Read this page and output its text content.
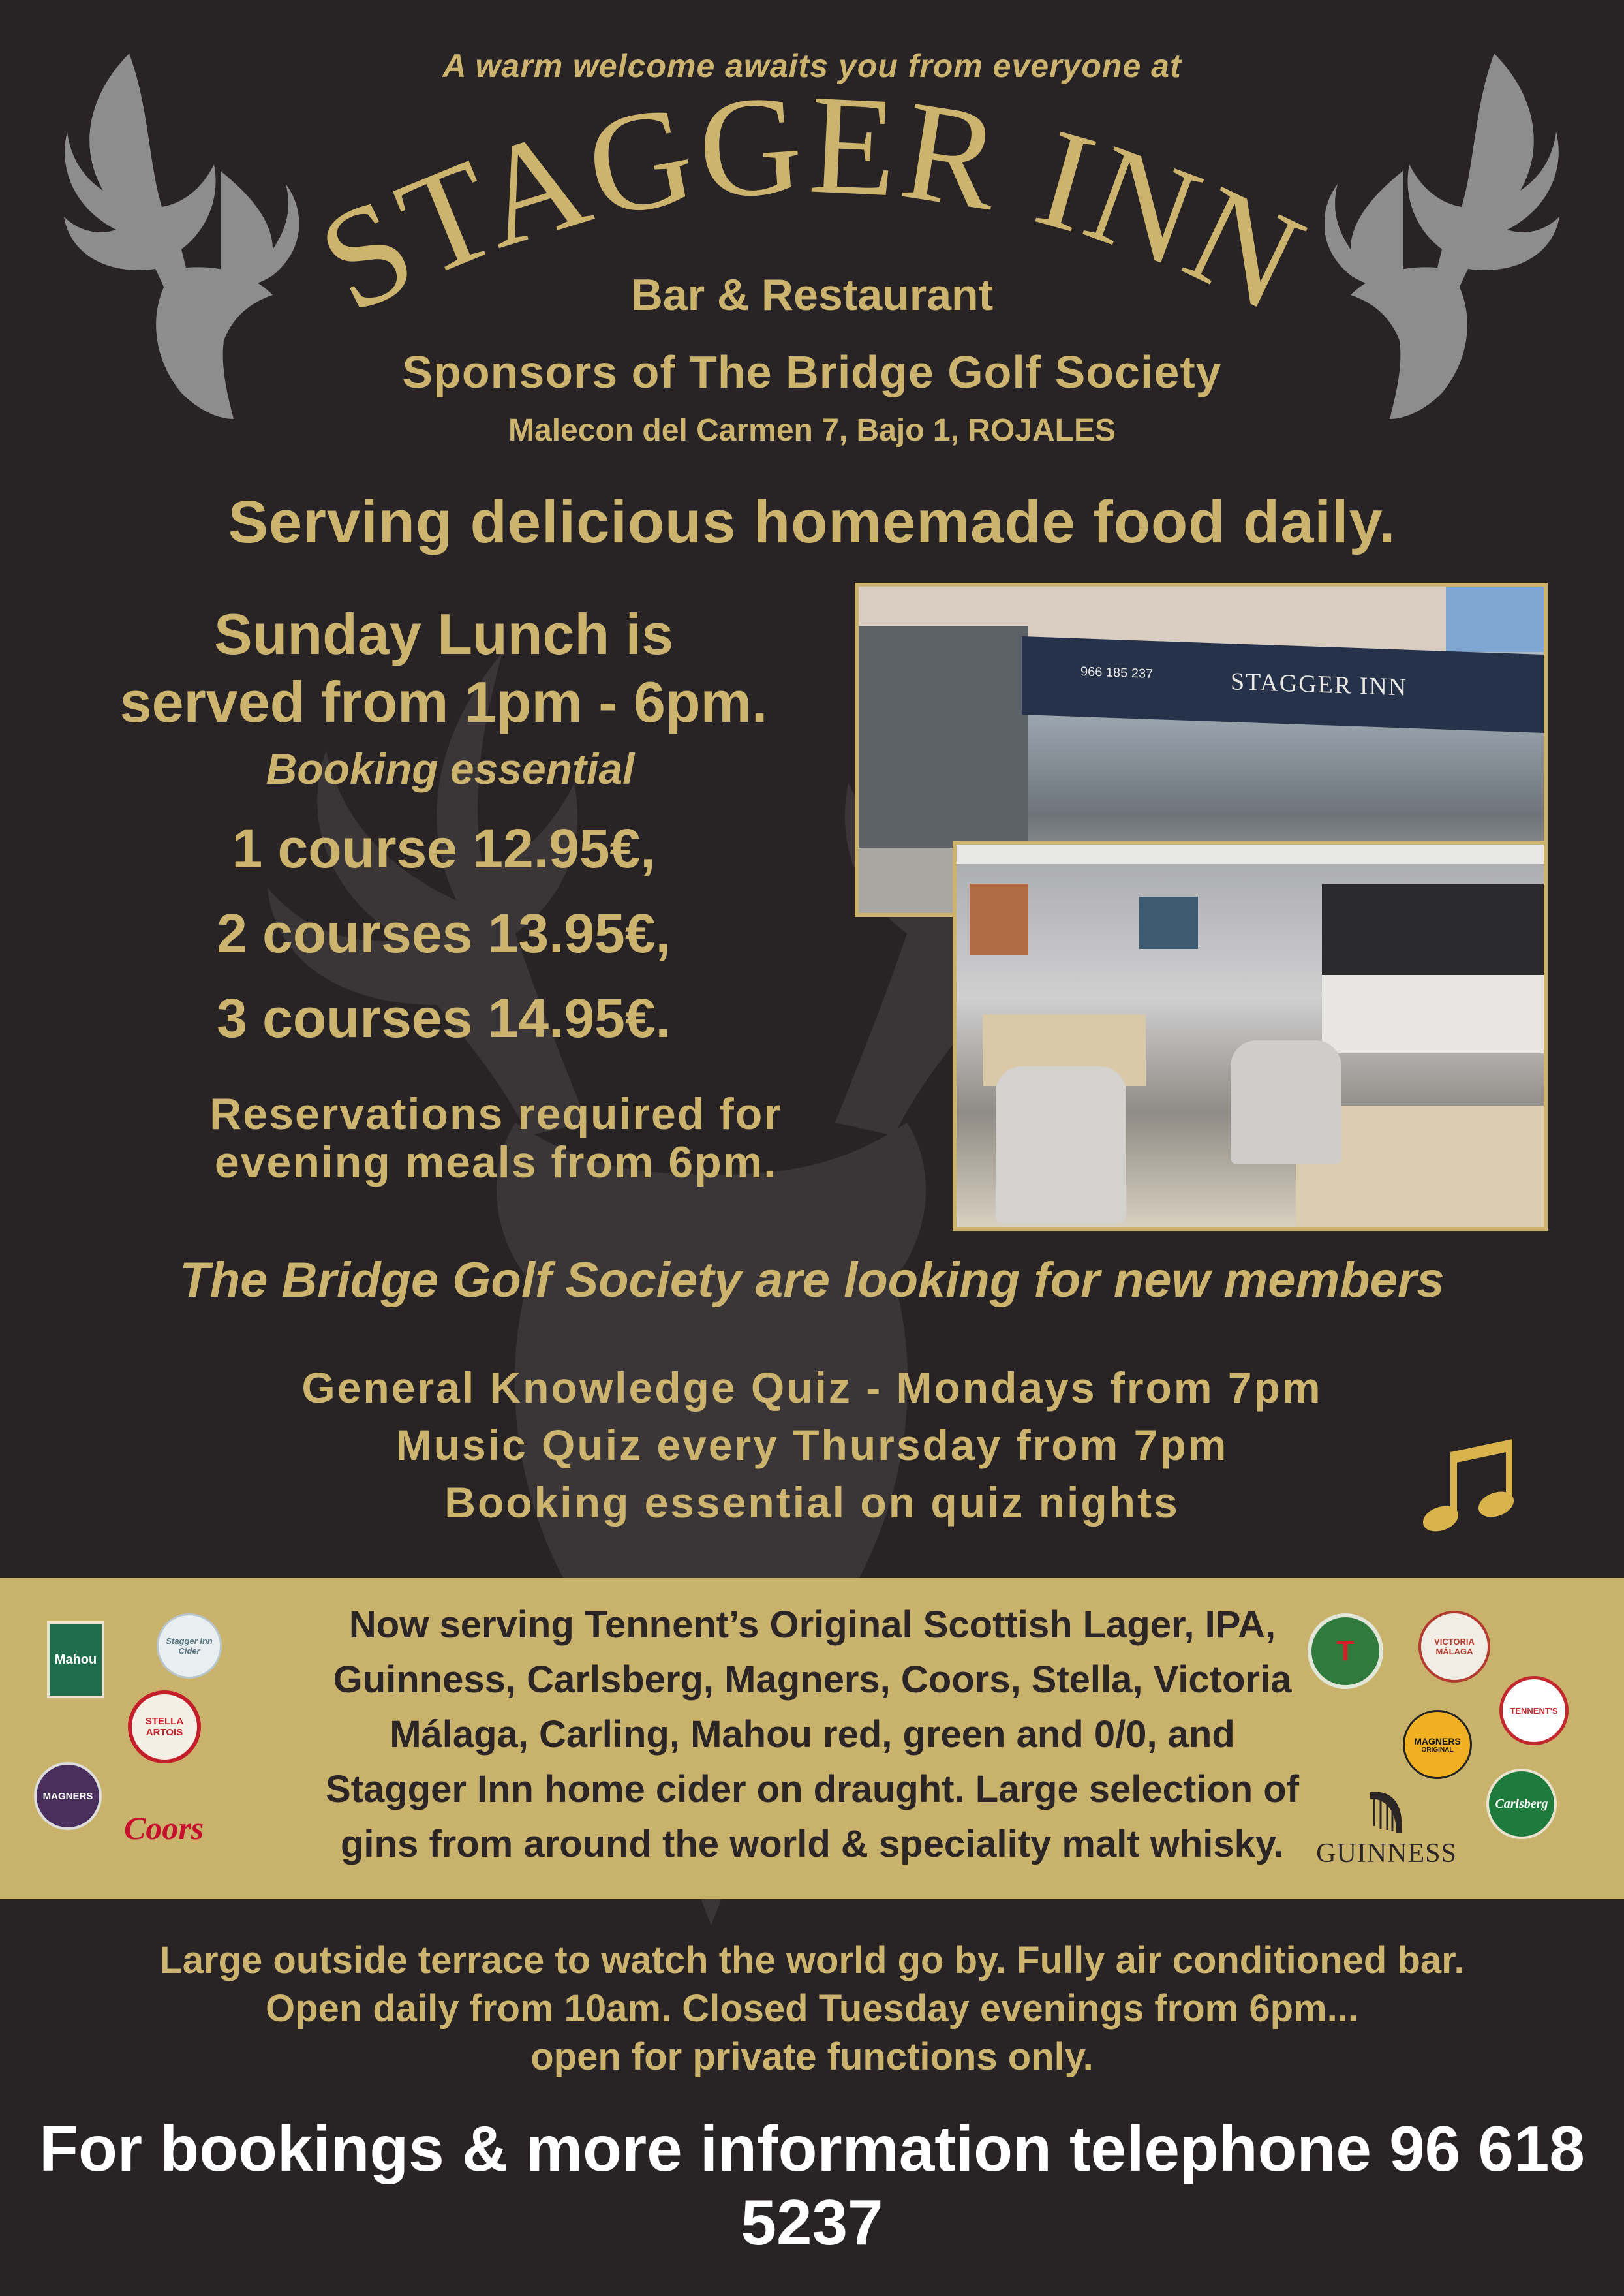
A warm welcome awaits you from everyone at
STAGGER INN
Bar & Restaurant
Sponsors of The Bridge Golf Society
Malecon del Carmen 7, Bajo 1, ROJALES
Serving delicious homemade food daily.
Sunday Lunch is
served from 1pm - 6pm.
Booking essential
1 course 12.95€,
2 courses 13.95€,
3 courses 14.95€.
Reservations required for
evening meals from 6pm.
STAGGER INN
966 185 237
The Bridge Golf Society are looking for new members
General Knowledge Quiz - Mondays from 7pm
Music Quiz every Thursday from 7pm
Booking essential on quiz nights
Now serving Tennent’s Original Scottish Lager, IPA,
Guinness, Carlsberg, Magners, Coors, Stella, Victoria
Málaga, Carling, Mahou red, green and 0/0, and
Stagger Inn home cider on draught. Large selection of
gins from around the world & speciality malt whisky.
Mahou
Stagger Inn Cider
STELLA ARTOIS
MAGNERS
Coors
T	VICTORIA MÁLAGA
TENNENT'S
MAGNERS
ORIGINAL
GUINNESS
Carlsberg
Large outside terrace to watch the world go by. Fully air conditioned bar.
Open daily from 10am. Closed Tuesday evenings from 6pm...
open for private functions only.
For bookings & more information telephone 96 618 5237
